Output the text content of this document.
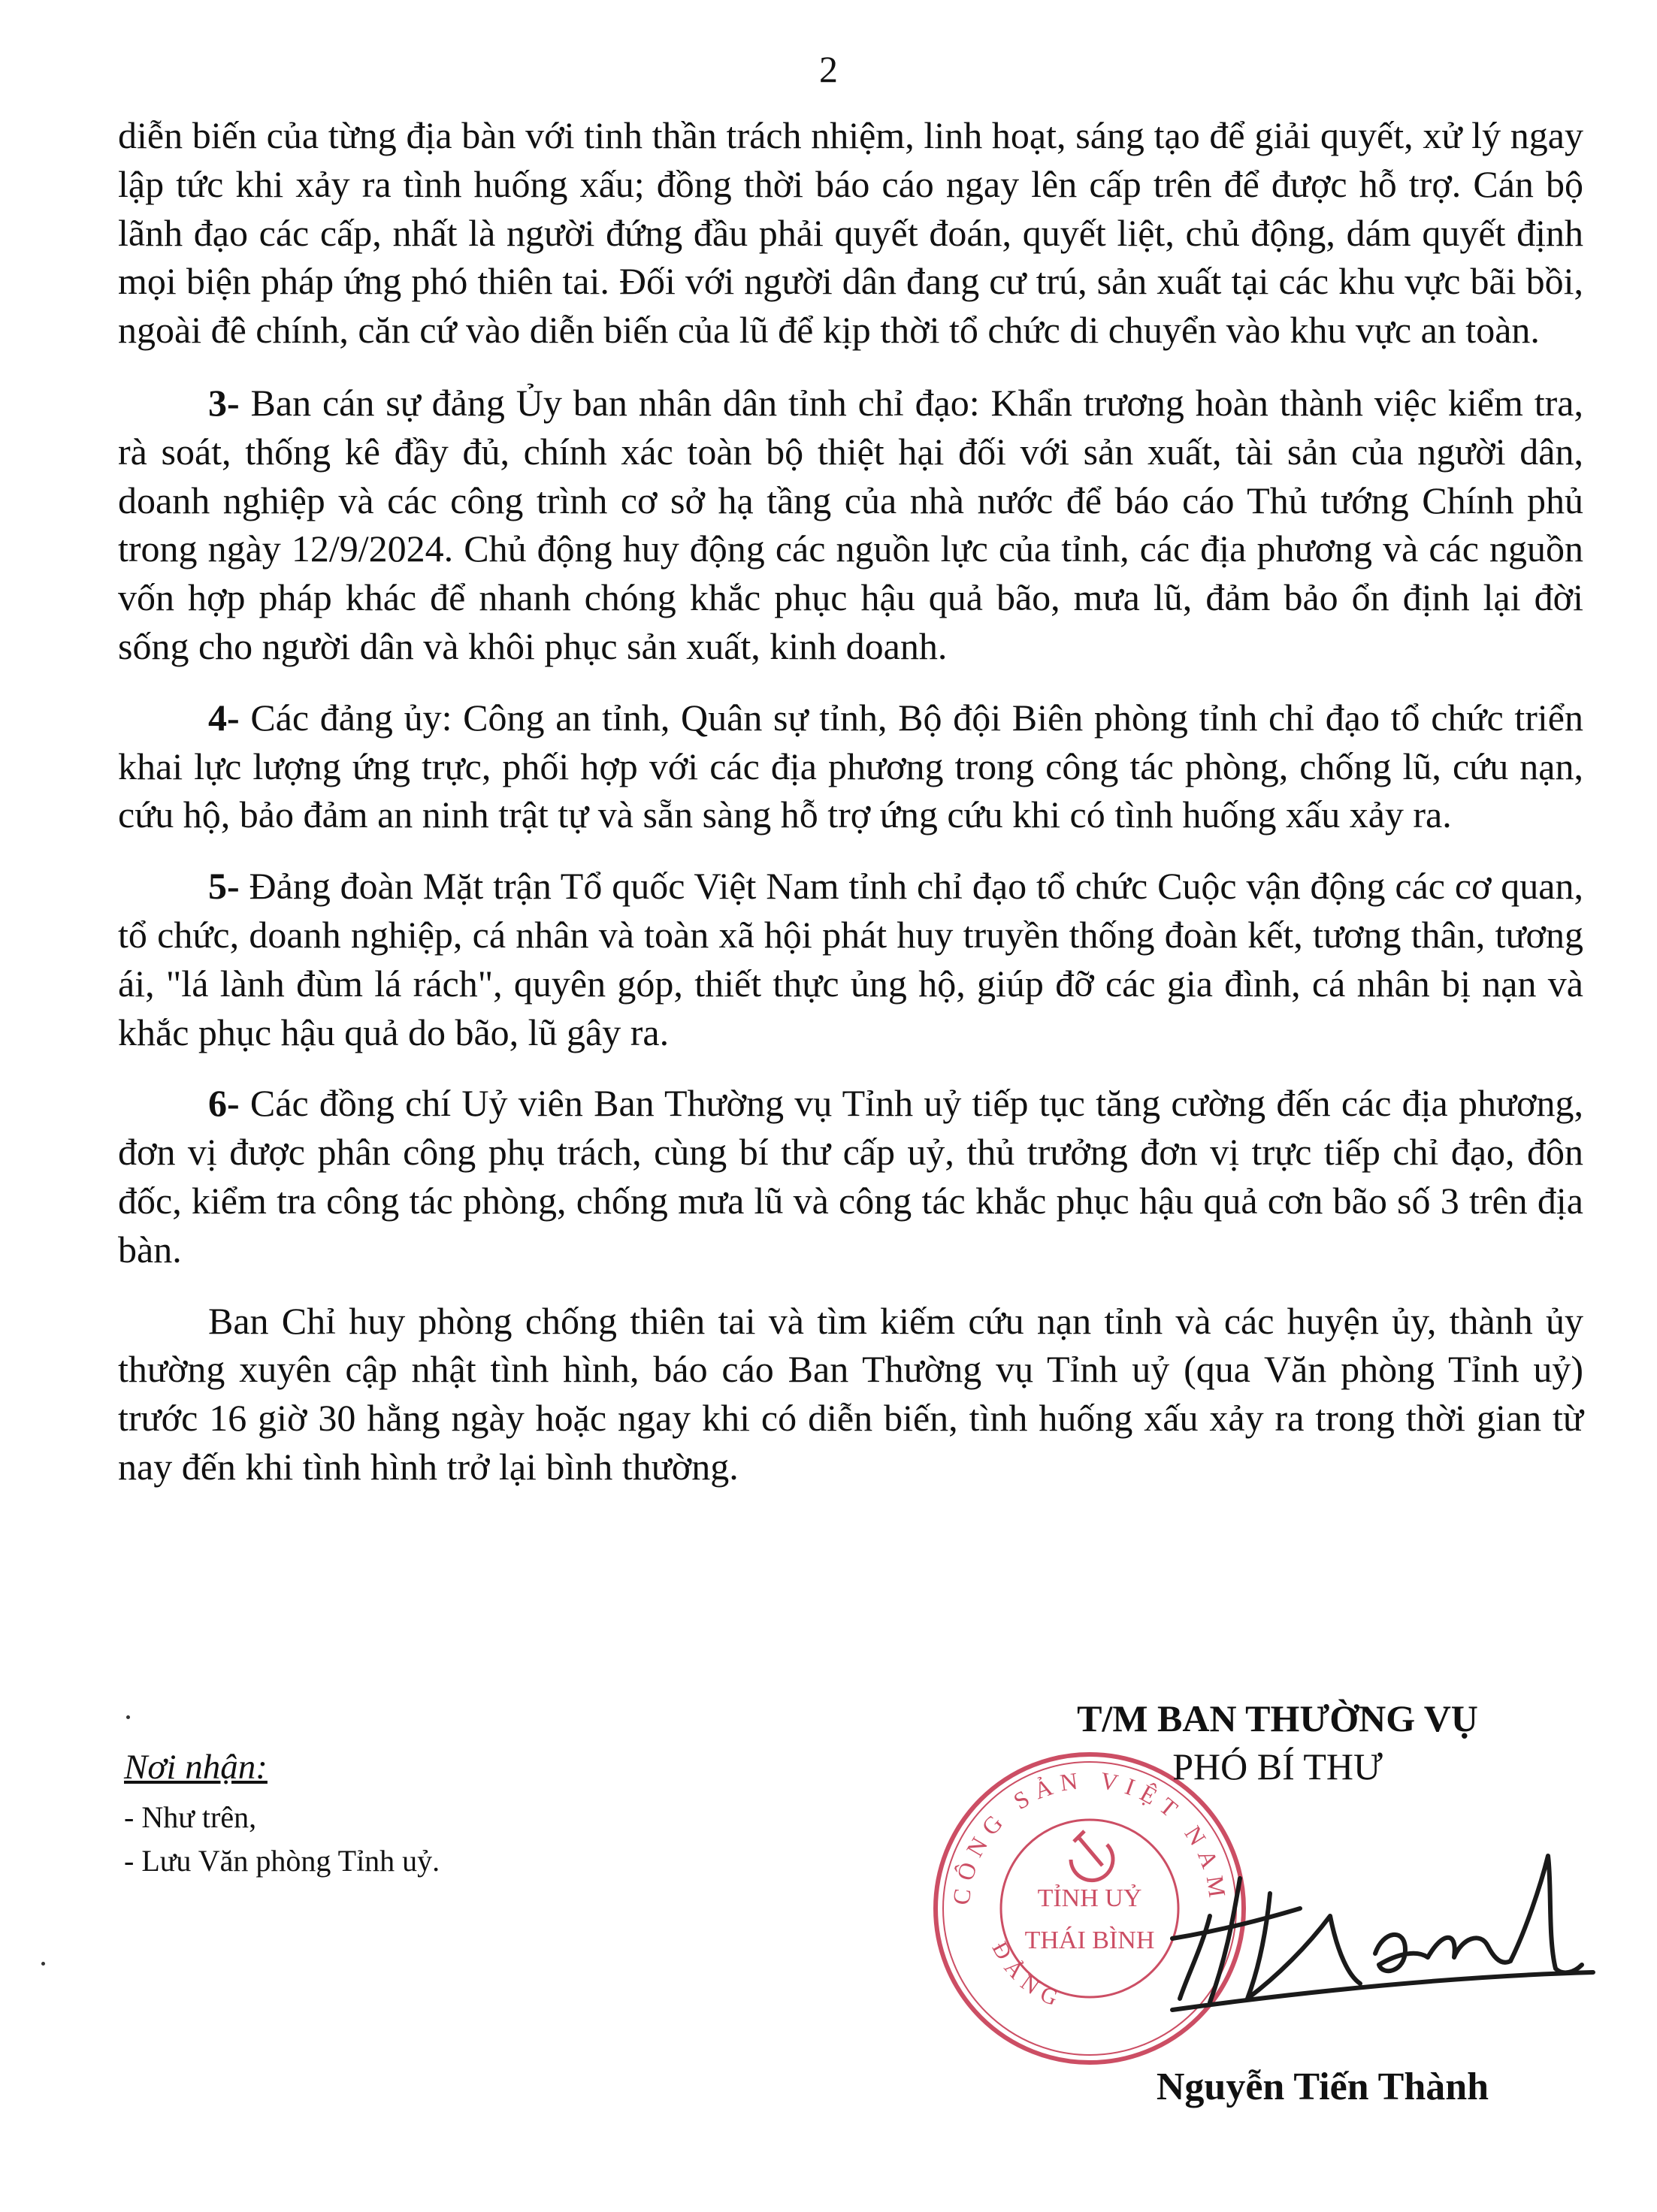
2

diễn biến của từng địa bàn với tinh thần trách nhiệm, linh hoạt, sáng tạo để giải quyết, xử lý ngay lập tức khi xảy ra tình huống xấu; đồng thời báo cáo ngay lên cấp trên để được hỗ trợ. Cán bộ lãnh đạo các cấp, nhất là người đứng đầu phải quyết đoán, quyết liệt, chủ động, dám quyết định mọi biện pháp ứng phó thiên tai. Đối với người dân đang cư trú, sản xuất tại các khu vực bãi bồi, ngoài đê chính, căn cứ vào diễn biến của lũ để kịp thời tổ chức di chuyển vào khu vực an toàn.

3- Ban cán sự đảng Ủy ban nhân dân tỉnh chỉ đạo: Khẩn trương hoàn thành việc kiểm tra, rà soát, thống kê đầy đủ, chính xác toàn bộ thiệt hại đối với sản xuất, tài sản của người dân, doanh nghiệp và các công trình cơ sở hạ tầng của nhà nước để báo cáo Thủ tướng Chính phủ trong ngày 12/9/2024. Chủ động huy động các nguồn lực của tỉnh, các địa phương và các nguồn vốn hợp pháp khác để nhanh chóng khắc phục hậu quả bão, mưa lũ, đảm bảo ổn định lại đời sống cho người dân và khôi phục sản xuất, kinh doanh.

4- Các đảng ủy: Công an tỉnh, Quân sự tỉnh, Bộ đội Biên phòng tỉnh chỉ đạo tổ chức triển khai lực lượng ứng trực, phối hợp với các địa phương trong công tác phòng, chống lũ, cứu nạn, cứu hộ, bảo đảm an ninh trật tự và sẵn sàng hỗ trợ ứng cứu khi có tình huống xấu xảy ra.

5- Đảng đoàn Mặt trận Tổ quốc Việt Nam tỉnh chỉ đạo tổ chức Cuộc vận động các cơ quan, tổ chức, doanh nghiệp, cá nhân và toàn xã hội phát huy truyền thống đoàn kết, tương thân, tương ái, "lá lành đùm lá rách", quyên góp, thiết thực ủng hộ, giúp đỡ các gia đình, cá nhân bị nạn và khắc phục hậu quả do bão, lũ gây ra.

6- Các đồng chí Uỷ viên Ban Thường vụ Tỉnh uỷ tiếp tục tăng cường đến các địa phương, đơn vị được phân công phụ trách, cùng bí thư cấp uỷ, thủ trưởng đơn vị trực tiếp chỉ đạo, đôn đốc, kiểm tra công tác phòng, chống mưa lũ và công tác khắc phục hậu quả cơn bão số 3 trên địa bàn.

Ban Chỉ huy phòng chống thiên tai và tìm kiếm cứu nạn tỉnh và các huyện ủy, thành ủy thường xuyên cập nhật tình hình, báo cáo Ban Thường vụ Tỉnh uỷ (qua Văn phòng Tỉnh uỷ) trước 16 giờ 30 hằng ngày hoặc ngay khi có diễn biến, tình huống xấu xảy ra trong thời gian từ nay đến khi tình hình trở lại bình thường.

Nơi nhận:
- Như trên,
- Lưu Văn phòng Tỉnh uỷ.
CÔNG SẢN VIỆT NAM
ĐẢNG
TỈNH UỶ
THÁI BÌNH
T/M BAN THƯỜNG VỤ
PHÓ BÍ THƯ
Nguyễn Tiến Thành
